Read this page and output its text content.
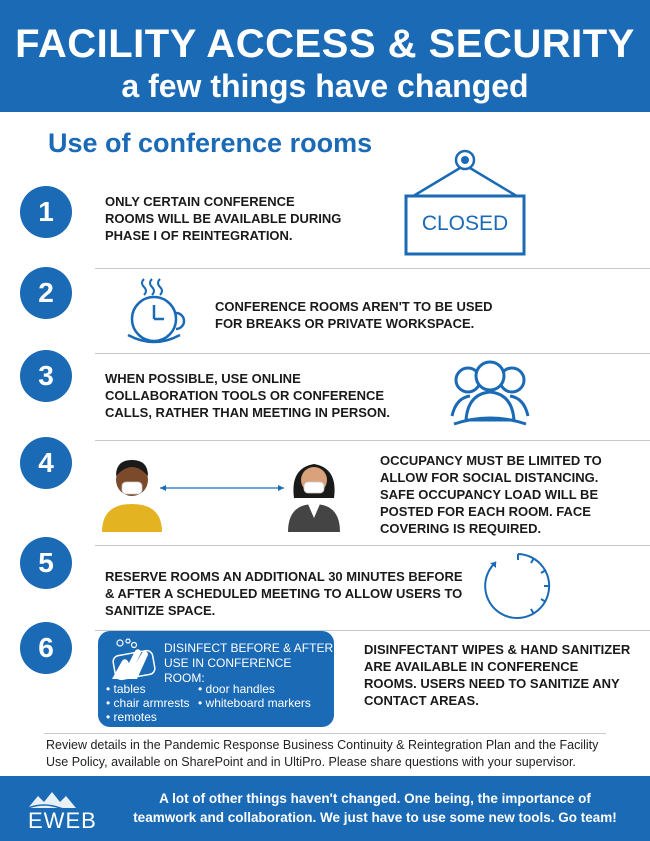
FACILITY ACCESS & SECURITY
a few things have changed
Use of conference rooms
1	ONLY CERTAIN CONFERENCE ROOMS WILL BE AVAILABLE DURING PHASE I OF REINTEGRATION.
CLOSED
2	CONFERENCE ROOMS AREN'T TO BE USED FOR BREAKS OR PRIVATE WORKSPACE.
3	WHEN POSSIBLE, USE ONLINE COLLABORATION TOOLS OR CONFERENCE CALLS, RATHER THAN MEETING IN PERSON.
4	OCCUPANCY MUST BE LIMITED TO ALLOW FOR SOCIAL DISTANCING. SAFE OCCUPANCY LOAD WILL BE POSTED FOR EACH ROOM. FACE COVERING IS REQUIRED.
5	RESERVE ROOMS AN ADDITIONAL 30 MINUTES BEFORE & AFTER A SCHEDULED MEETING TO ALLOW USERS TO SANITIZE SPACE.
6	DISINFECT BEFORE & AFTER
USE IN CONFERENCE ROOM:
• tables
• chair armrests
• remotes
• door handles
• whiteboard markers
DISINFECTANT WIPES & HAND SANITIZER ARE AVAILABLE IN CONFERENCE ROOMS. USERS NEED TO SANITIZE ANY CONTACT AREAS.
Review details in the Pandemic Response Business Continuity & Reintegration Plan and the Facility Use Policy, available on SharePoint and in UltiPro. Please share questions with your supervisor.
EWEB
A lot of other things haven't changed. One being, the importance of teamwork and collaboration. We just have to use some new tools. Go team!
